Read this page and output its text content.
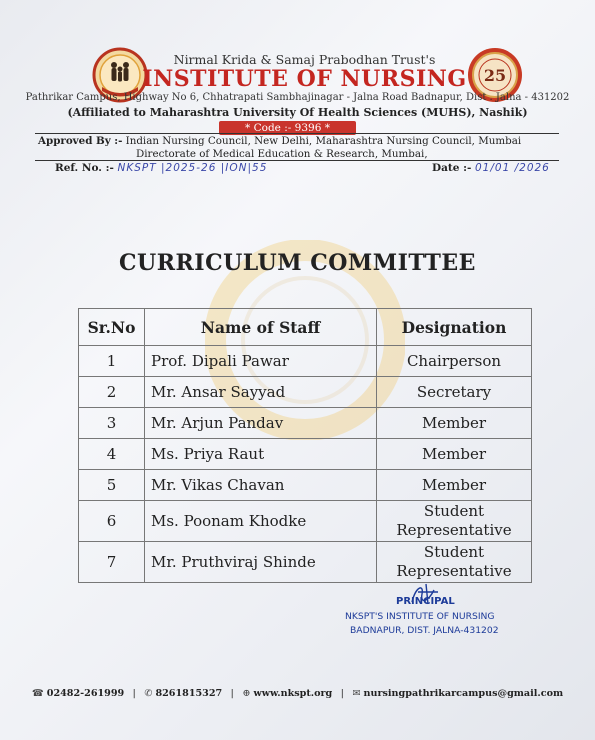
Nirmal Krida & Samaj Prabodhan Trust's
INSTITUTE OF NURSING	25
Pathrikar Campus, Highway No 6, Chhatrapati Sambhajinagar - Jalna Road Badnapur, Dist . Jalna - 431202
(Affiliated to Maharashtra University Of Health Sciences (MUHS), Nashik)
* Code :- 9396 *
Approved By :- Indian Nursing Council, New Delhi, Maharashtra Nursing Council, Mumbai
Directorate of Medical Education & Research, Mumbai,
Ref. No. :- NKSPT |2025-26 |ION|55	Date :- 01/01 /2026
CURRICULUM COMMITTEE
Sr.No	Name of Staff	Designation
1	Prof. Dipali Pawar	Chairperson
2	Mr. Ansar Sayyad	Secretary
3	Mr. Arjun Pandav	Member
4	Ms. Priya Raut	Member
5	Mr. Vikas Chavan	Member
6	Ms. Poonam Khodke	Student
Representative

7	Mr. Pruthviraj Shinde	Student
Representative
PRINCIPAL
NKSPT'S INSTITUTE OF NURSING
BADNAPUR, DIST. JALNA-431202
☎ 02482-261999 | ✆ 8261815327 | ⊕ www.nkspt.org | ✉ nursingpathrikarcampus@gmail.com
